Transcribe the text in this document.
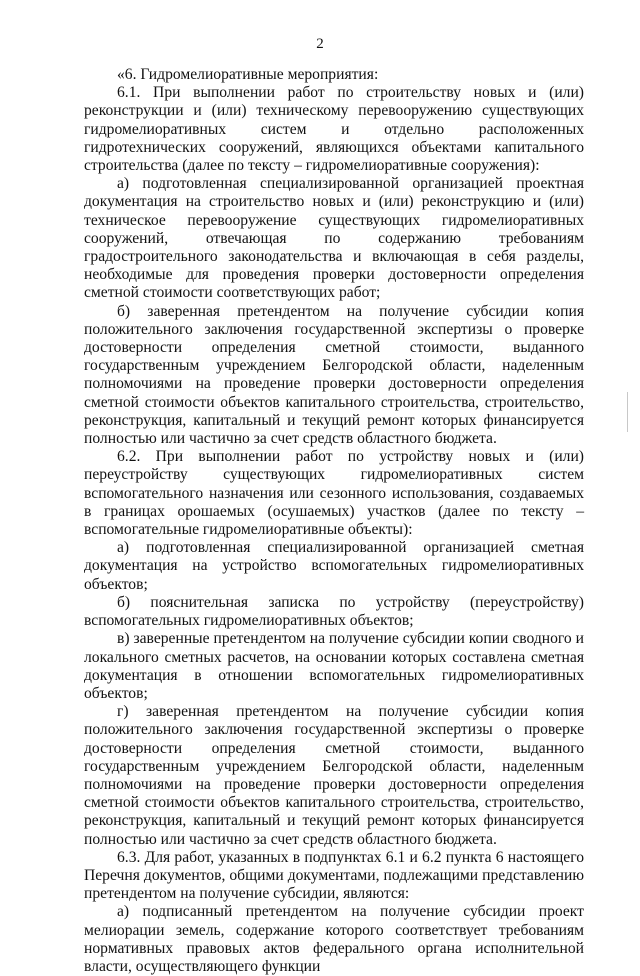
2

«6. Гидромелиоративные мероприятия:

6.1. При выполнении работ по строительству новых и (или) реконструкции и (или) техническому перевооружению существующих гидромелиоративных систем и отдельно расположенных гидротехнических сооружений, являющихся объектами капитального строительства (далее по тексту – гидромелиоративные сооружения):

а) подготовленная специализированной организацией проектная документация на строительство новых и (или) реконструкцию и (или) техническое перевооружение существующих гидромелиоративных сооружений, отвечающая по содержанию требованиям градостроительного законодательства и включающая в себя разделы, необходимые для проведения проверки достоверности определения сметной стоимости соответствующих работ;

б) заверенная претендентом на получение субсидии копия положительного заключения государственной экспертизы о проверке достоверности определения сметной стоимости, выданного государственным учреждением Белгородской области, наделенным полномочиями на проведение проверки достоверности определения сметной стоимости объектов капитального строительства, строительство, реконструкция, капитальный и текущий ремонт которых финансируется полностью или частично за счет средств областного бюджета.

6.2. При выполнении работ по устройству новых и (или) переустройству существующих гидромелиоративных систем вспомогательного назначения или сезонного использования, создаваемых в границах орошаемых (осушаемых) участков (далее по тексту – вспомогательные гидромелиоративные объекты):

а) подготовленная специализированной организацией сметная документация на устройство вспомогательных гидромелиоративных объектов;

б) пояснительная записка по устройству (переустройству) вспомогательных гидромелиоративных объектов;

в) заверенные претендентом на получение субсидии копии сводного и локального сметных расчетов, на основании которых составлена сметная документация в отношении вспомогательных гидромелиоративных объектов;

г) заверенная претендентом на получение субсидии копия положительного заключения государственной экспертизы о проверке достоверности определения сметной стоимости, выданного государственным учреждением Белгородской области, наделенным полномочиями на проведение проверки достоверности определения сметной стоимости объектов капитального строительства, строительство, реконструкция, капитальный и текущий ремонт которых финансируется полностью или частично за счет средств областного бюджета.

6.3. Для работ, указанных в подпунктах 6.1 и 6.2 пункта 6 настоящего Перечня документов, общими документами, подлежащими представлению претендентом на получение субсидии, являются:

а) подписанный претендентом на получение субсидии проект мелиорации земель, содержание которого соответствует требованиям нормативных правовых актов федерального органа исполнительной власти, осуществляющего функции
